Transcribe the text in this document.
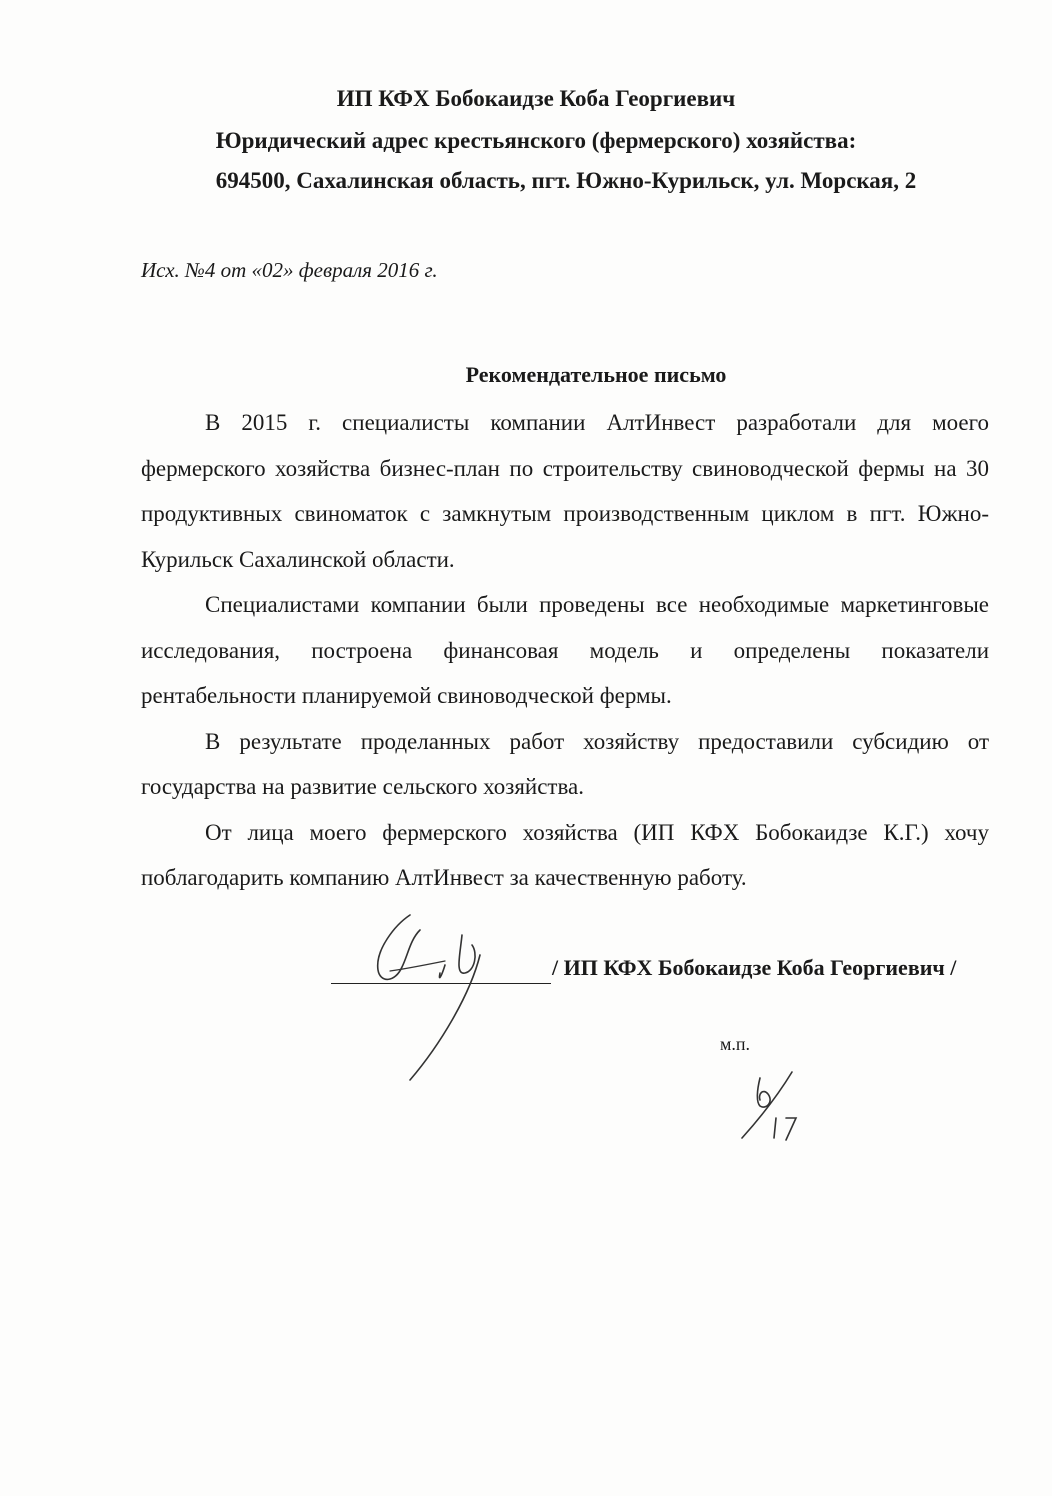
ИП КФХ Бобокаидзе Коба Георгиевич
Юридический адрес крестьянского (фермерского) хозяйства:
694500, Сахалинская область, пгт. Южно-Курильск, ул. Морская, 2
Исх. №4 от «02» февраля 2016 г.
Рекомендательное письмо

В 2015 г. специалисты компании АлтИнвест разработали для моего фермерского хозяйства бизнес-план по строительству свиноводческой фермы на 30 продуктивных свиноматок с замкнутым производственным циклом в пгт. Южно-Курильск Сахалинской области.

Специалистами компании были проведены все необходимые маркетинговые исследования, построена финансовая модель и определены показатели рентабельности планируемой свиноводческой фермы.

В результате проделанных работ хозяйству предоставили субсидию от государства на развитие сельского хозяйства.

От лица моего фермерского хозяйства (ИП КФХ Бобокаидзе К.Г.) хочу поблагодарить компанию АлтИнвест за качественную работу.

/ ИП КФХ Бобокаидзе Коба Георгиевич /
м.п.
